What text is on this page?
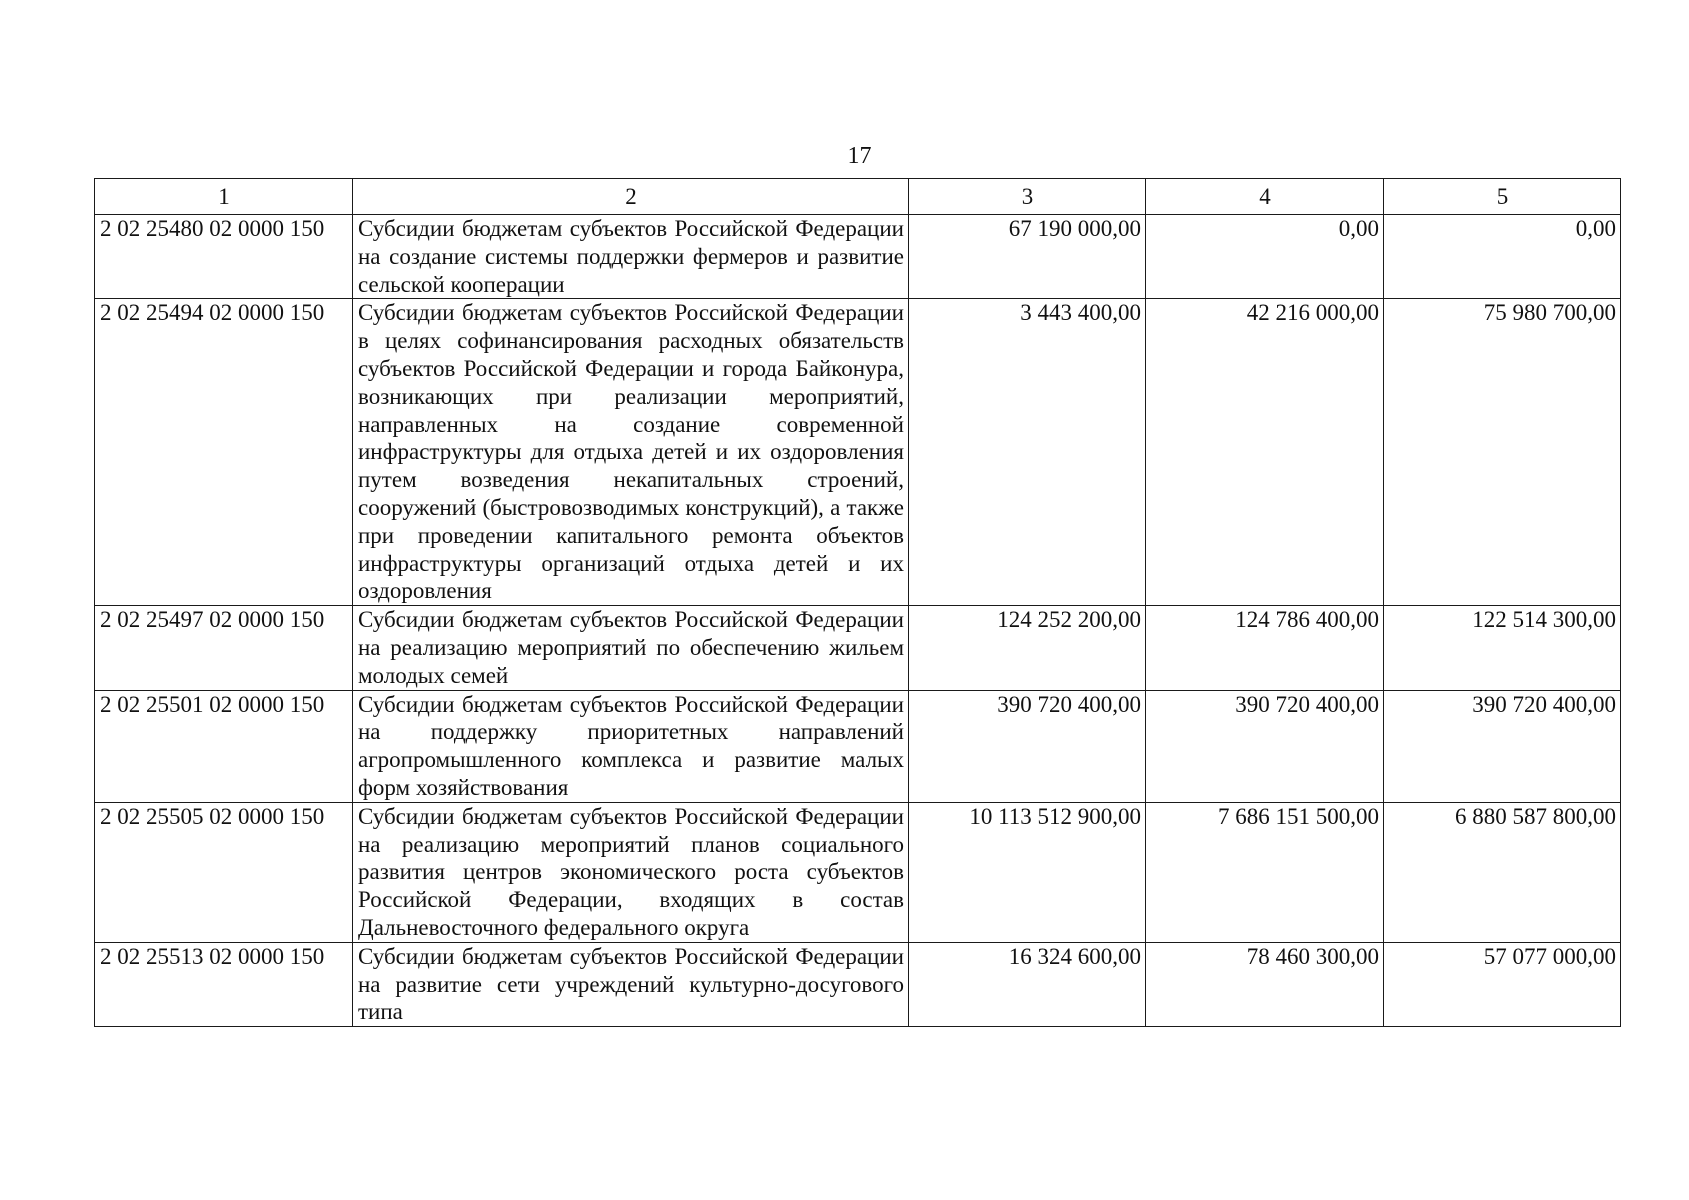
17
1	2	3	4	5
2 02 25480 02 0000 150	Субсидии бюджетам субъектов Российской Федерации на создание системы поддержки фермеров и развитие сельской кооперации	67 190 000,00	0,00	0,00
2 02 25494 02 0000 150	Субсидии бюджетам субъектов Российской Федерации в целях софинансирования расходных обязательств субъектов Российской Федерации и города Байконура, возникающих при реализации мероприятий, направленных на создание современной инфраструктуры для отдыха детей и их оздоровления путем возведения некапитальных строений, сооружений (быстровозводимых конструкций), а также при проведении капитального ремонта объектов инфраструктуры организаций отдыха детей и их оздоровления	3 443 400,00	42 216 000,00	75 980 700,00
2 02 25497 02 0000 150	Субсидии бюджетам субъектов Российской Федерации на реализацию мероприятий по обеспечению жильем молодых семей	124 252 200,00	124 786 400,00	122 514 300,00
2 02 25501 02 0000 150	Субсидии бюджетам субъектов Российской Федерации на поддержку приоритетных направлений агропромышленного комплекса и развитие малых форм хозяйствования	390 720 400,00	390 720 400,00	390 720 400,00
2 02 25505 02 0000 150	Субсидии бюджетам субъектов Российской Федерации на реализацию мероприятий планов социального развития центров экономического роста субъектов Российской Федерации, входящих в состав Дальневосточного федерального округа	10 113 512 900,00	7 686 151 500,00	6 880 587 800,00
2 02 25513 02 0000 150	Субсидии бюджетам субъектов Российской Федерации на развитие сети учреждений культурно-досугового типа	16 324 600,00	78 460 300,00	57 077 000,00
